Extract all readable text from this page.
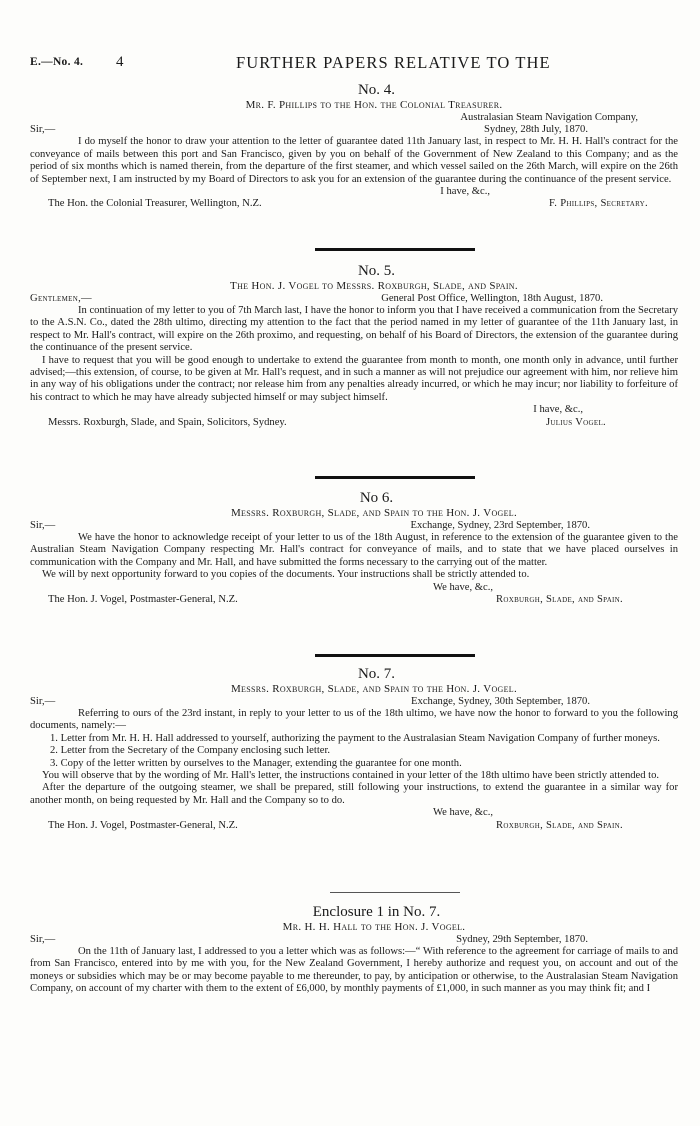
E.—No. 4. 4	FURTHER PAPERS RELATIVE TO THE
No. 4.
Mr. F. Phillips to the Hon. the Colonial Treasurer.
Australasian Steam Navigation Company,
Sir,—	Sydney, 28th July, 1870.

I do myself the honor to draw your attention to the letter of guarantee dated 11th January last, in respect to Mr. H. H. Hall's contract for the conveyance of mails between this port and San Francisco, given by you on behalf of the Government of New Zealand to this Company; and as the period of six months which is named therein, from the departure of the first steamer, and which vessel sailed on the 26th March, will expire on the 26th of September next, I am instructed by my Board of Directors to ask you for an extension of the guarantee during the continuance of the present service.

I have, &c.,
The Hon. the Colonial Treasurer, Wellington, N.Z.	F. Phillips, Secretary.
No. 5.
The Hon. J. Vogel to Messrs. Roxburgh, Slade, and Spain.
Gentlemen,—	General Post Office, Wellington, 18th August, 1870.

In continuation of my letter to you of 7th March last, I have the honor to inform you that I have received a communication from the Secretary to the A.S.N. Co., dated the 28th ultimo, directing my attention to the fact that the period named in my letter of guarantee of the 11th January last, in respect to Mr. Hall's contract, will expire on the 26th proximo, and requesting, on behalf of his Board of Directors, the extension of the guarantee during the continuance of the present service.

I have to request that you will be good enough to undertake to extend the guarantee from month to month, one month only in advance, until further advised;—this extension, of course, to be given at Mr. Hall's request, and in such a manner as will not prejudice our agreement with him, nor relieve him in any way of his obligations under the contract; nor release him from any penalties already incurred, or which he may incur; nor liability to forfeiture of his contract to which he may have already subjected himself or may subject himself.

I have, &c.,
Messrs. Roxburgh, Slade, and Spain, Solicitors, Sydney.	Julius Vogel.
No 6.
Messrs. Roxburgh, Slade, and Spain to the Hon. J. Vogel.
Sir,—	Exchange, Sydney, 23rd September, 1870.

We have the honor to acknowledge receipt of your letter to us of the 18th August, in reference to the extension of the guarantee given to the Australian Steam Navigation Company respecting Mr. Hall's contract for conveyance of mails, and to state that we have placed ourselves in communication with the Company and Mr. Hall, and have submitted the forms necessary to the carrying out of the matter.

We will by next opportunity forward to you copies of the documents. Your instructions shall be strictly attended to.

We have, &c.,
The Hon. J. Vogel, Postmaster-General, N.Z.	Roxburgh, Slade, and Spain.
No. 7.
Messrs. Roxburgh, Slade, and Spain to the Hon. J. Vogel.
Sir,—	Exchange, Sydney, 30th September, 1870.

Referring to ours of the 23rd instant, in reply to your letter to us of the 18th ultimo, we have now the honor to forward to you the following documents, namely:—

1. Letter from Mr. H. H. Hall addressed to yourself, authorizing the payment to the Australasian Steam Navigation Company of further moneys.

2. Letter from the Secretary of the Company enclosing such letter.

3. Copy of the letter written by ourselves to the Manager, extending the guarantee for one month.

You will observe that by the wording of Mr. Hall's letter, the instructions contained in your letter of the 18th ultimo have been strictly attended to.

After the departure of the outgoing steamer, we shall be prepared, still following your instructions, to extend the guarantee in a similar way for another month, on being requested by Mr. Hall and the Company so to do.

We have, &c.,
The Hon. J. Vogel, Postmaster-General, N.Z.	Roxburgh, Slade, and Spain.
Enclosure 1 in No. 7.
Mr. H. H. Hall to the Hon. J. Vogel.
Sir,—	Sydney, 29th September, 1870.

On the 11th of January last, I addressed to you a letter which was as follows:—“ With reference to the agreement for carriage of mails to and from San Francisco, entered into by me with you, for the New Zealand Government, I hereby authorize and request you, on account and out of the moneys or subsidies which may be or may become payable to me thereunder, to pay, by anticipation or otherwise, to the Australasian Steam Navigation Company, on account of my charter with them to the extent of £6,000, by monthly payments of £1,000, in such manner as you may think fit; and I
